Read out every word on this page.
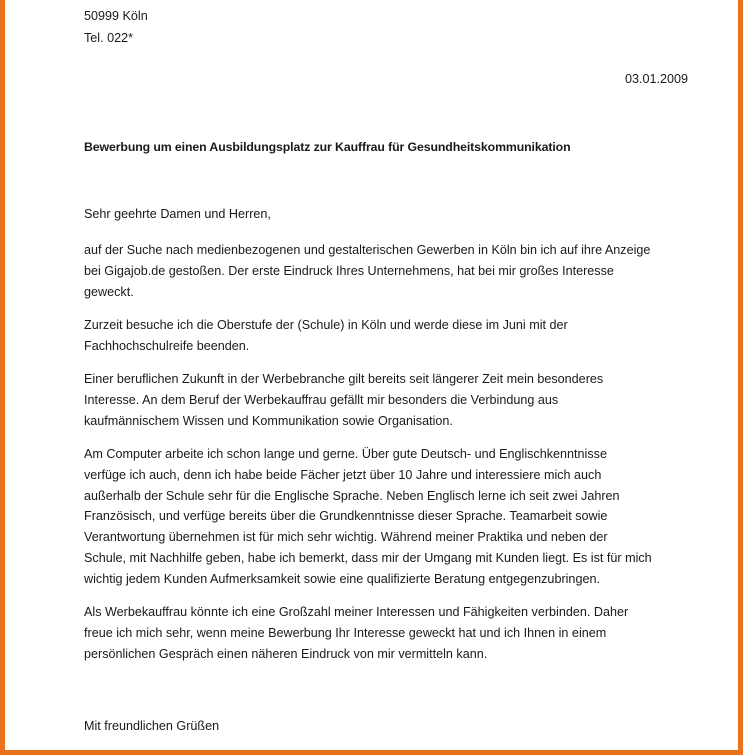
50999 Köln

Tel. 022*

03.01.2009

Bewerbung um einen Ausbildungsplatz zur Kauffrau für Gesundheitskommunikation

Sehr geehrte Damen und Herren,

auf der Suche nach medienbezogenen und gestalterischen Gewerben in Köln bin ich auf ihre Anzeige
bei Gigajob.de gestoßen. Der erste Eindruck Ihres Unternehmens, hat bei mir großes Interesse
geweckt.
Zurzeit besuche ich die Oberstufe der (Schule) in Köln und werde diese im Juni mit der
Fachhochschulreife beenden.
Einer beruflichen Zukunft in der Werbebranche gilt bereits seit längerer Zeit mein besonderes
Interesse. An dem Beruf der Werbekauffrau gefällt mir besonders die Verbindung aus
kaufmännischem Wissen und Kommunikation sowie Organisation.
Am Computer arbeite ich schon lange und gerne. Über gute Deutsch- und Englischkenntnisse
verfüge ich auch, denn ich habe beide Fächer jetzt über 10 Jahre und interessiere mich auch
außerhalb der Schule sehr für die Englische Sprache. Neben Englisch lerne ich seit zwei Jahren
Französisch, und verfüge bereits über die Grundkenntnisse dieser Sprache. Teamarbeit sowie
Verantwortung übernehmen ist für mich sehr wichtig. Während meiner Praktika und neben der
Schule, mit Nachhilfe geben, habe ich bemerkt, dass mir der Umgang mit Kunden liegt. Es ist für mich
wichtig jedem Kunden Aufmerksamkeit sowie eine qualifizierte Beratung entgegenzubringen.
Als Werbekauffrau könnte ich eine Großzahl meiner Interessen und Fähigkeiten verbinden. Daher
freue ich mich sehr, wenn meine Bewerbung Ihr Interesse geweckt hat und ich Ihnen in einem
persönlichen Gespräch einen näheren Eindruck von mir vermitteln kann.

Mit freundlichen Grüßen
